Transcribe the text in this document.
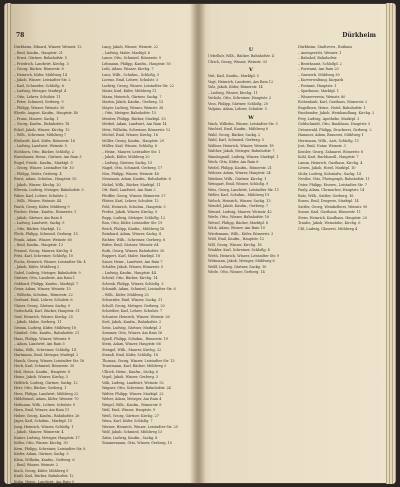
78	Dürkheim
Dürkheim, Eduard, Winzer, Weinstr. 12
– Emil, Kaufm., Hauptstr. 21
– Ernst, Gärtner, Bahnhofstr. 5
– Friedrich, Landwirt, Kirchg. 3
– Georg, Bäcker, Römerstr. 8
– Heinrich, Küfer, Mühlweg 14
– Jakob, Winzer, Leistadter Str. 2
– Karl, Schneider, Schloßg. 6
– Ludwig, Metzger, Marktpl. 4
– Otto, Lehrer, Schulstr. 11
– Peter, Schmied, Gerberg. 9
– Philipp, Winzer, Weinstr. 30
Eberle, August, Kaufm., Hauptstr. 40
– Franz, Maurer, Sackg. 1
– Georg, Kaufm., Bahnhofstr. 18
Eckel, Jakob, Winzer, Kirchg. 12
– Wilh., Schreiner, Mühlweg 7
Ehrhardt, Karl, Küfer, Römerstr. 16
– Ludwig, Landwirt, Weinstr. 5
Eichhorn, Otto, Bäcker, Schloßg. 2
Eisenhauer, Heinr., Gärtner, Am Rain 3
Engel, Friedr., Kaufm., Marktpl. 9
– Georg, Winzer, Leistadter Str. 10
– Philipp, Maler, Gerberg. 4
Ernst, Adam, Schuhm., Hauptstr. 55
– Jakob, Winzer, Kirchg. 20
Eßwein, Ludwig, Metzger, Bahnhofstr. 3
Faber, Karl, Lehrer, Schulstr. 2
– Wilh., Winzer, Weinstr. 44
Fauth, Georg, Küfer, Mühlweg 9
Fischer, Heinr., Kaufm., Römerstr. 1
– Jakob, Gärtner, Am Rain 8
– Ludwig, Landwirt, Sackg. 5
– Otto, Bäcker, Marktpl. 12
Fleck, Philipp, Schmied, Gerberg. 15
Frank, Adam, Winzer, Weinstr. 60
– Emil, Kaufm., Hauptstr. 13
Freund, Georg, Maurer, Kirchg. 8
Fritz, Karl, Schreiner, Schloßg. 10
Fuchs, Heinrich, Winzer, Leistadter Str. 4
– Jakob, Küfer, Mühlweg 2
Gabel, Ludwig, Metzger, Bahnhofstr. 9
Gärtner, Otto, Landwirt, Am Rain 1
Gebhard, Philipp, Kaufm., Marktpl. 7
Geier, Adam, Winzer, Weinstr. 15
– Wilhelm, Schuhm., Römerstr. 22
Gerhard, Emil, Lehrer, Schulstr. 6
Glaser, Georg, Gärtner, Sackg. 9
Gottschalk, Karl, Bäcker, Hauptstr. 31
Graf, Heinrich, Winzer, Kirchg. 25
– Jakob, Maler, Gerberg. 11
Grimm, Ludwig, Küfer, Mühlweg 18
Gümbel, Otto, Kaufm., Bahnhofstr. 21
Haas, Philipp, Winzer, Weinstr. 8
– Adam, Landwirt, Am Rain 5
Hahn, Wilh., Schreiner, Schloßg. 14
Hartmann, Emil, Metzger, Marktpl. 2
Hauck, Georg, Winzer, Leistadter Str. 16
Heck, Karl, Schmied, Römerstr. 30
Heil, Heinr., Kaufm., Hauptstr. 8
Heinz, Jakob, Winzer, Kirchg. 3
Helfrich, Ludwig, Gärtner, Sackg. 12
Herr, Otto, Bäcker, Gerberg. 1
Hess, Philipp, Landwirt, Mühlweg 22
Hildebrand, Adam, Küfer, Weinstr. 70
Hofmann, Wilh., Lehrer, Schulstr. 9
Horn, Emil, Winzer, Am Rain 11
Huber, Georg, Kaufm., Bahnhofstr. 26
Jäger, Karl, Schuhm., Marktpl. 15
Jung, Heinrich, Winzer, Schloßg. 1
– Jakob, Maurer, Römerstr. 4
Kaiser, Ludwig, Metzger, Hauptstr. 17
Keller, Otto, Winzer, Kirchg. 30
Kern, Philipp, Schreiner, Leistadter Str. 8
Kiefer, Adam, Gärtner, Sackg. 3
Klein, Wilhelm, Kaufm., Gerberg. 6
– Emil, Winzer, Weinstr. 2
Koch, Georg, Küfer, Mühlweg 5
Kraft, Karl, Bäcker, Bahnhofstr. 12
Kuhn, Heinr., Landwirt, Am Rain 9
Lang, Jakob, Winzer, Weinstr. 22
– Ludwig, Maler, Marktpl. 6
Lauer, Otto, Schmied, Römerstr. 9
Lehmann, Philipp, Kaufm., Hauptstr. 50
Leib, Adam, Winzer, Kirchg. 7
Lenz, Wilh., Schuhm., Schloßg. 5
Lorenz, Emil, Lehrer, Schulstr. 3
Ludwig, Georg, Winzer, Leistadter Str. 22
Maier, Karl, Küfer, Mühlweg 11
Mann, Heinrich, Gärtner, Sackg. 7
Martin, Jakob, Kaufm., Gerberg. 13
Mayer, Ludwig, Winzer, Weinstr. 38
– Otto, Metzger, Bahnhofstr. 15
Meister, Philipp, Bäcker, Marktpl. 20
Merkel, Adam, Landwirt, Am Rain 14
Metz, Wilhelm, Schreiner, Römerstr. 12
Michel, Emil, Winzer, Kirchg. 16
Möller, Georg, Kaufm., Hauptstr. 29
Müller, Karl, Winzer, Schloßg. 8
– Heinr., Maurer, Leistadter Str. 1
– Jakob, Küfer, Mühlweg 20
– Ludwig, Gärtner, Sackg. 15
Nagel, Otto, Schmied, Gerberg. 17
Neu, Philipp, Winzer, Weinstr. 48
Neumann, Adam, Kaufm., Bahnhofstr. 6
Nickel, Wilh., Bäcker, Marktpl. 11
Ott, Emil, Landwirt, Am Rain 2
Pfeiffer, Georg, Winzer, Römerstr. 27
Pfister, Karl, Lehrer, Schulstr. 12
Pohl, Heinrich, Schuhm., Hauptstr. 3
Probst, Jakob, Winzer, Kirchg. 9
Rapp, Ludwig, Metzger, Schloßg. 12
Rau, Otto, Küfer, Leistadter Str. 19
Reich, Philipp, Kaufm., Mühlweg 16
Reinhard, Adam, Winzer, Sackg. 4
Richter, Wilh., Schreiner, Gerberg. 8
Ritter, Emil, Gärtner, Weinstr. 64
Roth, Georg, Winzer, Bahnhofstr. 30
Ruppert, Karl, Maler, Marktpl. 18
Sauer, Heinr., Landwirt, Am Rain 7
Schäfer, Jakob, Winzer, Römerstr. 5
– Ludwig, Kaufm., Hauptstr. 44
Scheid, Otto, Bäcker, Kirchg. 14
Schenk, Philipp, Winzer, Schloßg. 3
Schmidt, Adam, Schmied, Leistadter Str. 6
– Wilh., Küfer, Mühlweg 25
Schneider, Emil, Winzer, Sackg. 11
Scholl, Georg, Metzger, Gerberg. 20
Schreiber, Karl, Lehrer, Schulstr. 7
Schuster, Heinrich, Winzer, Weinstr. 26
Seel, Jakob, Kaufm., Bahnhofstr. 2
Seitz, Ludwig, Gärtner, Marktpl. 3
Sommer, Otto, Winzer, Am Rain 16
Spieß, Philipp, Schuhm., Römerstr. 19
Stein, Adam, Winzer, Hauptstr. 66
Stengel, Wilh., Maurer, Kirchg. 22
Strauß, Emil, Küfer, Schloßg. 16
Thomas, Georg, Winzer, Leistadter Str. 13
Trautmann, Karl, Bäcker, Mühlweg 3
Ullrich, Heinr., Kaufm., Sackg. 6
Vogel, Jakob, Winzer, Gerberg. 3
Volk, Ludwig, Landwirt, Weinstr. 52
Wagner, Otto, Schreiner, Bahnhofstr. 24
Walter, Philipp, Winzer, Marktpl. 22
Weber, Adam, Metzger, Am Rain 4
Weigel, Wilh., Kaufm., Römerstr. 8
Weil, Emil, Winzer, Hauptstr. 9
Weiß, Georg, Gärtner, Kirchg. 27
Wenz, Karl, Küfer, Schloßg. 7
Werner, Heinrich, Winzer, Leistadter Str. 25
Wolf, Jakob, Schmied, Mühlweg 13
Zahn, Ludwig, Kaufm., Sackg. 8
Zimmermann, Otto, Winzer, Gerberg. 10
U
Uebelhör, Wilh., Bäcker, Bahnhofstr. 4
Ulrich, Georg, Winzer, Weinstr. 33
V
Veit, Karl, Kaufm., Marktpl. 5
Vogt, Heinrich, Landwirt, Am Rain 12
Volz, Jakob, Küfer, Römerstr. 14
– Ludwig, Winzer, Kirchg. 11
Vorholz, Otto, Schreiner, Hauptstr. 2
Voss, Philipp, Gärtner, Schloßg. 20
Vulpius, Adam, Lehrer, Schulstr. 5
W
Wack, Wilhelm, Winzer, Leistadter Str. 3
Wachtel, Emil, Kaufm., Mühlweg 8
Wahl, Georg, Bäcker, Sackg. 2
Wald, Karl, Schmied, Gerberg. 5
Wallner, Heinrich, Winzer, Weinstr. 18
Walther, Jakob, Metzger, Bahnhofstr. 7
Wambsganß, Ludwig, Winzer, Marktpl. 1
Weck, Otto, Küfer, Am Rain 6
Wedel, Philipp, Kaufm., Römerstr. 21
Wehner, Adam, Winzer, Hauptstr. 24
Weidner, Wilh., Gärtner, Kirchg. 1
Weingart, Emil, Winzer, Schloßg. 9
Weis, Georg, Landwirt, Leistadter Str. 11
Weller, Karl, Schuhm., Mühlweg 19
Welsch, Heinrich, Winzer, Sackg. 13
Wendel, Jakob, Kaufm., Gerberg. 7
Wenzel, Ludwig, Maurer, Weinstr. 42
Werle, Otto, Winzer, Bahnhofstr. 16
Wetzel, Philipp, Bäcker, Marktpl. 8
Wick, Adam, Winzer, Am Rain 10
Wiedemann, Wilh., Küfer, Römerstr. 3
Wild, Emil, Kaufm., Hauptstr. 12
Will, Georg, Winzer, Kirchg. 18
Winkler, Karl, Schreiner, Schloßg. 4
Wirth, Heinrich, Winzer, Leistadter Str. 9
Wittmann, Jakob, Metzger, Mühlweg 6
Wolff, Ludwig, Gärtner, Sackg. 10
Wörle, Otto, Winzer, Gerberg. 14
Dürkheim, Stadtverw., Rathaus
– Amtsgericht, Weinstr. 1
– Bahnhof, Bahnhofstr.
– Bezirksamt, Schloßpl. 2
– Forstamt, Am Rain 20
– Gaswerk, Mühlweg 30
– Kurverwaltung, Kurpark
– Postamt, Hauptstr. 1
– Sparkasse, Marktpl. 1
– Winzerverein, Weinstr. 80
Eichenlaub, Karl, Gasthaus, Römerstr. 2
Engelhorn, Heinr., Hotel, Bahnhofstr. 1
Fassbender, Jakob, Weinhandlung, Kirchg. 2
Frey, Ludwig, Apotheke, Marktpl. 3
Goldschmidt, Otto, Bankhaus, Hauptstr. 5
Grünewald, Philipp, Druckerei, Gerberg. 2
Hammer, Adam, Brauerei, Mühlweg 1
Herrmann, Wilh., Arzt, Schloßg. 11
Jost, Emil, Notar, Weinstr. 3
Kessler, Georg, Zahnarzt, Römerstr. 6
Kohl, Karl, Buchhandl., Hauptstr. 7
Lamm, Heinrich, Gasthaus, Kirchg. 4
Löwen, Jakob, Hotel, Marktpl. 10
Mohr, Ludwig, Kolonialw., Sackg. 14
Nestler, Otto, Photograph, Bahnhofstr. 11
Oster, Philipp, Eisenw., Leistadter Str. 7
Pauly, Adam, Uhrmacher, Hauptstr. 14
Ratz, Wilh., Sattler, Gerberg. 16
Rosen, Emil, Drogerie, Marktpl. 14
Sattler, Georg, Weinkellerei, Weinstr. 90
Sonne, Karl, Gasthaus, Römerstr. 11
Stern, Heinrich, Kaufhaus, Hauptstr. 20
Traube, Jakob, Weinstube, Kirchg. 6
Uhl, Ludwig, Glaserei, Mühlweg 4
